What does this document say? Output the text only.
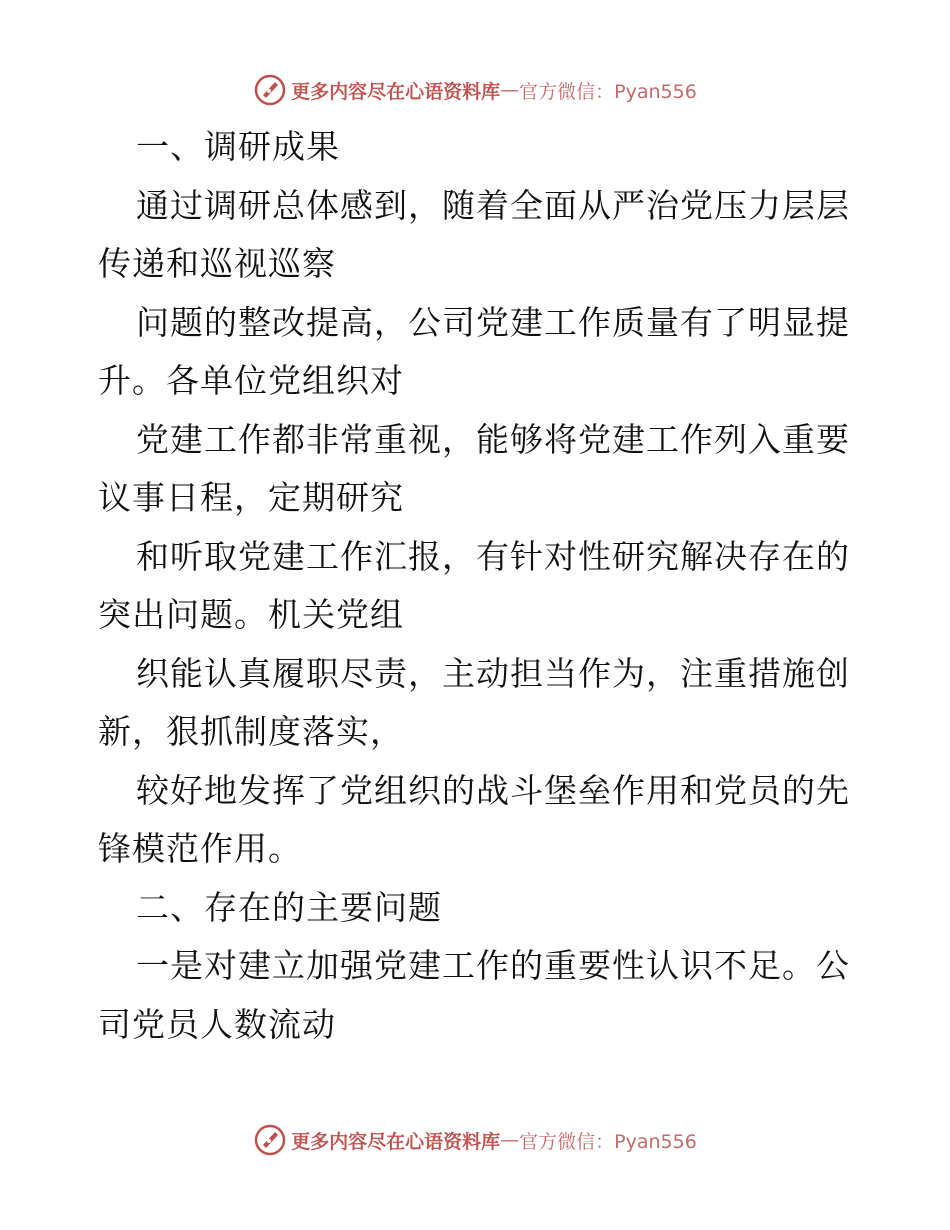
更多内容尽在心语资料库 — 官方微信：Pyan556

一、调研成果

通过调研总体感到，随着全面从严治党压力层层传递和巡视巡察

问题的整改提高，公司党建工作质量有了明显提升。各单位党组织对

党建工作都非常重视，能够将党建工作列入重要议事日程，定期研究

和听取党建工作汇报，有针对性研究解决存在的突出问题。机关党组

织能认真履职尽责，主动担当作为，注重措施创新，狠抓制度落实，

较好地发挥了党组织的战斗堡垒作用和党员的先锋模范作用。

二、存在的主要问题

一是对建立加强党建工作的重要性认识不足。公司党员人数流动

更多内容尽在心语资料库 — 官方微信：Pyan556
